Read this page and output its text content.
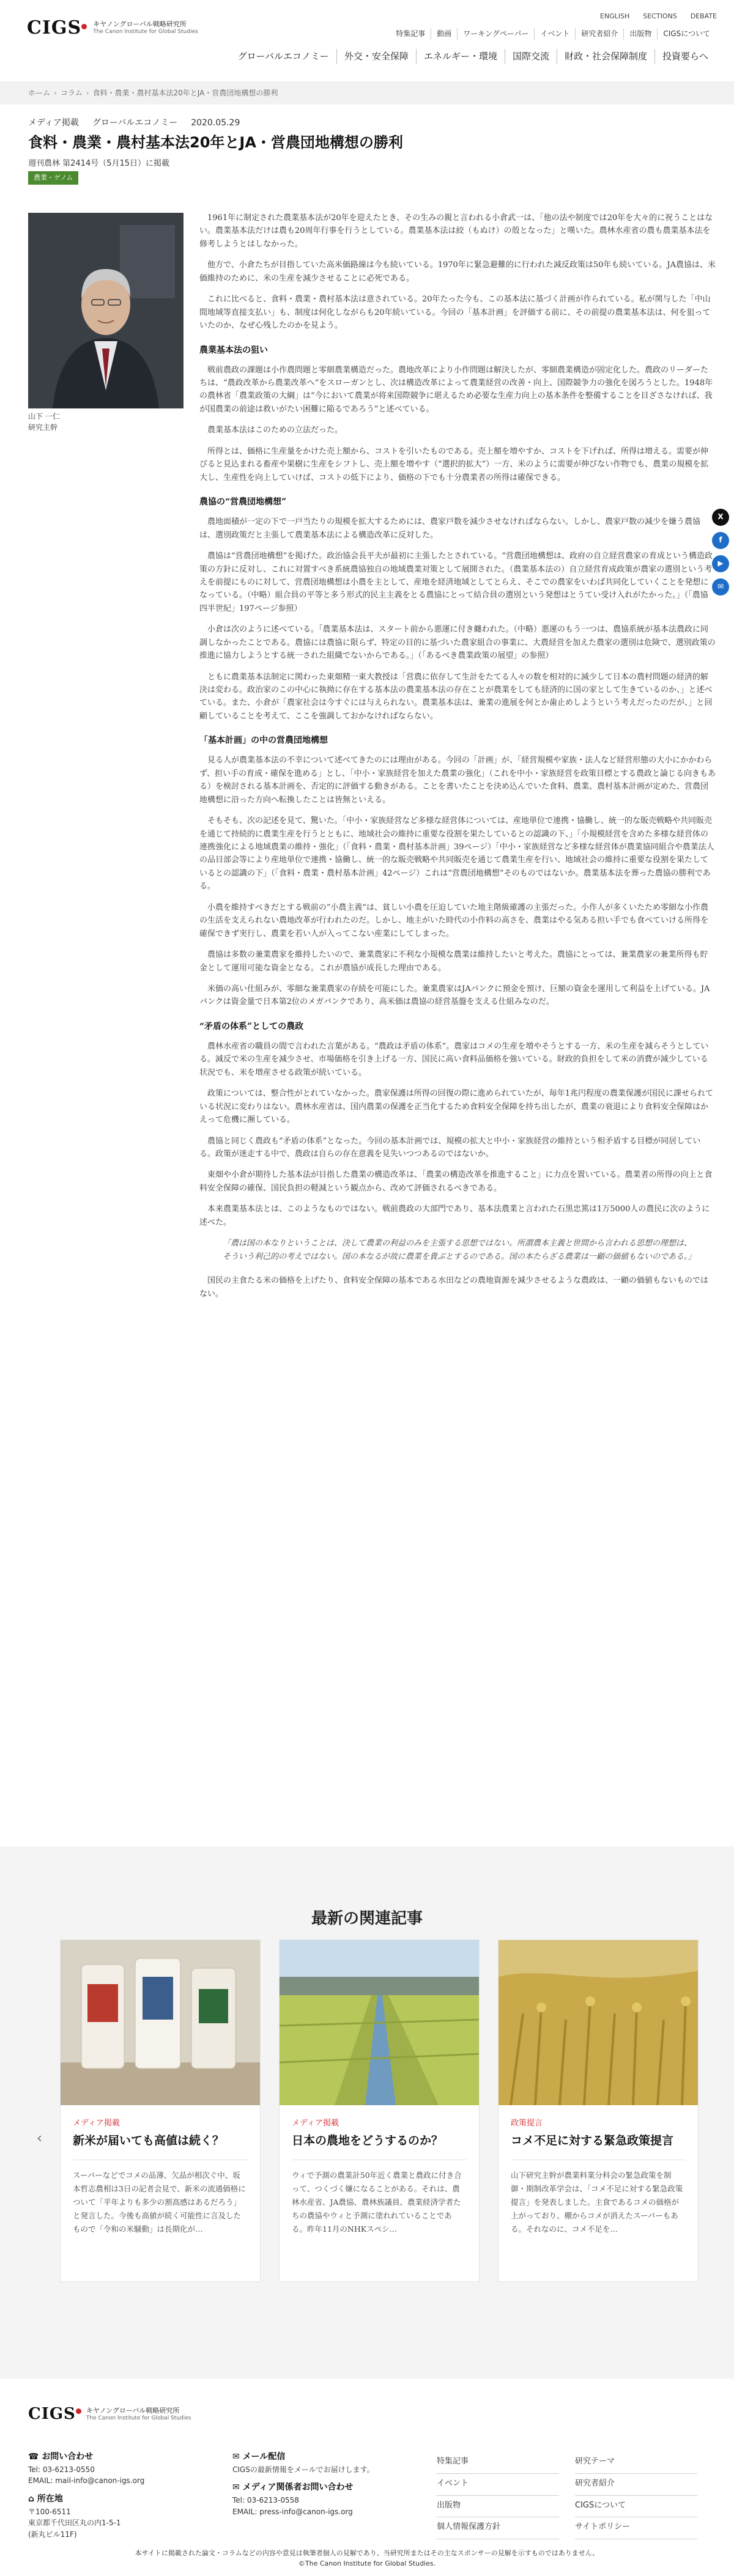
ENGLISH SECTIONS DEBATE
CIGS キヤノングローバル戦略研究所
The Canon Institute for Global Studies	特集記事	動画	ワーキングペーパー	イベント	研究者紹介	出版物	CIGSについて
グローバルエコノミー	外交・安全保障	エネルギー・環境	国際交流	財政・社会保障制度	投資要らへ
ホーム › コラム › 食料・農業・農村基本法20年とJA・営農団地構想の勝利
メディア掲載 グローバルエコノミー 2020.05.29
食料・農業・農村基本法20年とJA・営農団地構想の勝利
週刊農林 第2414号（5月15日）に掲載
農業・ゲノム
山下 一仁
研究主幹

1961年に制定された農業基本法が20年を迎えたとき、その生みの親と言われる小倉武一は、「他の法や制度では20年を大々的に祝うことはない。農業基本法だけは農も20周年行事を行うとしている。農業基本法は絞（もぬけ）の殻となった」と嘆いた。農林水産省の農も農業基本法を修考しようとはしなかった。

他方で、小倉たちが目指していた高米価路線は今も続いている。1970年に緊急避難的に行われた減反政策は50年も続いている。JA農協は、米価維持のために、米の生産を減少させることに必死である。

これに比べると、食料・農業・農村基本法は意されている。20年たった今も、この基本法に基づく計画が作られている。私が関与した「中山間地域等直接支払い」も、制度は何化しながらも20年続いている。今回の「基本計画」を評価する前に、その前提の農業基本法は、何を狙っていたのか、なぜ心残したのかを見よう。

農業基本法の狙い

戦前農政の課題は小作農問題と零細農業構造だった。農地改革により小作問題は解決したが、零細農業構造が固定化した。農政のリーダーたちは、“農政改革から農業改革へ”をスローガンとし、次は構造改革によって農業経営の改善・向上、国際競争力の強化を図ろうとした。1948年の農林省「農業政策の大綱」は“今において農業が将来国際競争に堪えるため必要な生産力向上の基本条件を整備することを目ざさなければ、我が国農業の前途は救いがたい困難に陥るであろう”と述べている。

農業基本法はこのための立法だった。

所得とは、価格に生産量をかけた売上額から、コストを引いたものである。売上額を増やすか、コストを下げれば、所得は増える。需要が伸びると見込まれる畜産や果樹に生産をシフトし、売上額を増やす（“選択的拡大”）一方、米のように需要が伸びない作物でも、農業の規模を拡大し、生産性を向上していけば、コストの低下により、価格の下でも十分農業者の所得は確保できる。

農協の“営農団地構想”

農地面積が一定の下で一戸当たりの規模を拡大するためには、農家戸数を減少させなければならない。しかし、農家戸数の減少を嫌う農協は、選別政策だと主張して農業基本法による構造改革に反対した。

農協は“営農団地構想”を掲げた。政治協会長平夫が最初に主張したとされている。“営農団地構想は、政府の自立経営農家の育成という構造政策の方針に反対し、これに対置すべき系統農協独自の地域農業対策として展開された。（農業基本法の）自立経営育成政策が農家の選別という考えを前提にものに対して、営農団地構想は小農を主として、産地を経済地域としてとらえ、そこでの農家をいわば共同化していくことを発想になっている。（中略）組合員の平等と多う形式的民主主義をとる農協にとって結合員の選別という発想はとうてい受け入れがたかった。」（「農協四半世紀」197ページ参照）

小倉は次のように述べている。「農業基本法は、スタート前から悪運に付き纏われた。（中略）悪運のもう一つは、農協系統が基本法農政に同調しなかったことである。農協には農協に限らず、特定の目的に基づいた農家組合の事業に、大農経営を加えた農家の選別は危険で、選別政策の推進に協力しようとする統一された組織でないからである。」（「あるべき農業政策の展望」の参照）

ともに農業基本法制定に関わった東畑精一東大教授は「営農に依存して生計をたてる人々の数を相対的に減少して日本の農村問題の経済的解決は変わる。政治家のこの中心に執拗に存在する基本法の農業基本法の存在ことが農業をしても経済的に国の家として生きているのか、」と述べている。また、小倉が「農家社会は今すぐには与えられない。農業基本法は、兼業の進展を何とか歯止めしようという考えだったのだが、」と回顧していることを考えて、ここを強調しておかなければならない。

「基本計画」の中の営農団地構想

見る人が農業基本法の不幸について述べてきたのには理由がある。今回の「計画」が、「経営規模や家族・法人など経営形態の大小にかかわらず、担い手の育成・確保を進める」とし、「中小・家族経営を加えた農業の強化」（これを中小・家族経営を政策目標とする農政と論じる向きもある）を検討される基本計画を、否定的に評価する動きがある。ことを書いたことを決め込んでいた食料、農業、農村基本計画が定めた、営農団地構想に沿った方向へ転換したことは皆無といえる。

そもそも、次の記述を見て、驚いた。「中小・家族経営など多様な経営体については、産地単位で連携・協働し、統一的な販売戦略や共同販売を通じて持続的に農業生産を行うとともに、地域社会の維持に重要な役割を果たしているとの認識の下、」「小規模経営を含めた多様な経営体の連携強化による地域農業の維持・強化」（「食料・農業・農村基本計画」39ページ）「中小・家族経営など多様な経営体が農業協同組合や農業法人の品目部会等により産地単位で連携・協働し、統一的な販売戦略や共同販売を通じて農業生産を行い、地域社会の維持に重要な役割を果たしているとの認識の下」（「食料・農業・農村基本計画」42ページ）これは“営農団地構想”そのものではないか。農業基本法を葬った農協の勝利である。

小農を維持すべきだとする戦前の“小農主義”は、貧しい小農を圧迫していた地主階級確護の主張だった。小作人が多くいたため零細な小作農の生活を支えられない農地改革が行われたのだ。しかし、地主がいた時代の小作料の高さを、農業はやる気ある担い手でも食べていける所得を確保できず実行し、農業を若い人が入ってこない産業にしてしまった。

農協は多数の兼業農家を維持したいので、兼業農家に不利な小規模な農業は維持したいと考えた。農協にとっては、兼業農家の兼業所得も貯金として運用可能な資金となる。これが農協が成長した理由である。

米価の高い仕組みが、零細な兼業農家の存続を可能にした。兼業農家はJAバンクに預金を預け、巨額の資金を運用して利益を上げている。JAバンクは資金量で日本第2位のメガバンクであり、高米価は農協の経営基盤を支える仕組みなのだ。

“矛盾の体系”としての農政

農林水産省の職員の間で言われた言葉がある。“農政は矛盾の体系”。農家はコメの生産を増やそうとする一方、米の生産を減らそうとしている。減反で米の生産を減少させ、市場価格を引き上げる一方、国民に高い食料品価格を強いている。財政的負担をして米の消費が減少している状況でも、米を増産させる政策が続いている。

政策については、整合性がとれていなかった。農家保護は所得の回復の際に進められていたが、毎年1兆円程度の農業保護が国民に課せられている状況に変わりはない。農林水産省は、国内農業の保護を正当化するため食料安全保障を持ち出したが、農業の衰退により食料安全保障はかえって危機に瀕している。

農協と同じく農政も“矛盾の体系”となった。今回の基本計画では、規模の拡大と中小・家族経営の維持という相矛盾する目標が同居している。政策が迷走する中で、農政は自らの存在意義を見失いつつあるのではないか。

東畑や小倉が期待した基本法が目指した農業の構造改革は、「農業の構造改革を推進すること」に力点を置いている。農業者の所得の向上と食料安全保障の確保、国民負担の軽減という観点から、改めて評価されるべきである。

本来農業基本法とは、このようなものではない。戦前農政の大部門であり、基本法農業と言われた石黒忠篤は1万5000人の農民に次のように述べた。

「農は国の本なりということは、決して農業の利益のみを主張する思想ではない。所謂農本主義と世間から言われる思想の理想は、そういう利己的の考えではない。国の本なるが故に農業を貴ぶとするのである。国の本たらざる農業は一顧の価値もないのである。」

国民の主食たる米の価格を上げたり、食料安全保障の基本である水田などの農地資源を減少させるような農政は、一顧の価値もないものではない。

X
f
▶
✉
最新の関連記事
‹
メディア掲載
新米が届いても高値は続く？
スーパーなどでコメの品薄、欠品が相次ぐ中、坂本哲志農相は3日の記者会見で、新米の流通価格について「平年よりも多少の割高感はあるだろう」と発言した。今後も高値が続く可能性に言及したもので「令和の米騒動」は長期化が…
メディア掲載
日本の農地をどうするのか？
ウィで予測の農業計50年近く農業と農政に付き合って、つくづく嫌になることがある。それは、農林水産省、JA農協、農林族議員、農業経済学者たちの農協やウィと予測に塗れれていることである。昨年11月のNHKスペシ…
政策提言
コメ不足に対する緊急政策提言
山下研究主幹が農業料業分科会の緊急政策を制御・期制改革学会は、「コメ不足に対する緊急政策提言」を発表しました。主食であるコメの価格が上がっており、棚からコメが消えたスーパーもある。それなのに、コメ不足を…
CIGS キヤノングローバル戦略研究所
The Canon Institute for Global Studies
☎ お問い合わせ
Tel: 03-6213-0550
EMAIL: mail-info@canon-igs.org
⌂ 所在地
〒100-6511
東京都千代田区丸の内1-5-1
(新丸ビル11F)
✉ メール配信
CIGSの最新情報をメールでお届けします。
✉ メディア関係者お問い合わせ
Tel: 03-6213-0558
EMAIL: press-info@canon-igs.org
特集記事	研究テーマ
イベント	研究者紹介
出版物	CIGSについて
個人情報保護方針	サイトポリシー
本サイトに掲載された論文・コラムなどの内容や意見は執筆者個人の見解であり、当研究所またはその主なスポンサーの見解を示すものではありません。
©The Canon Institute for Global Studies.
